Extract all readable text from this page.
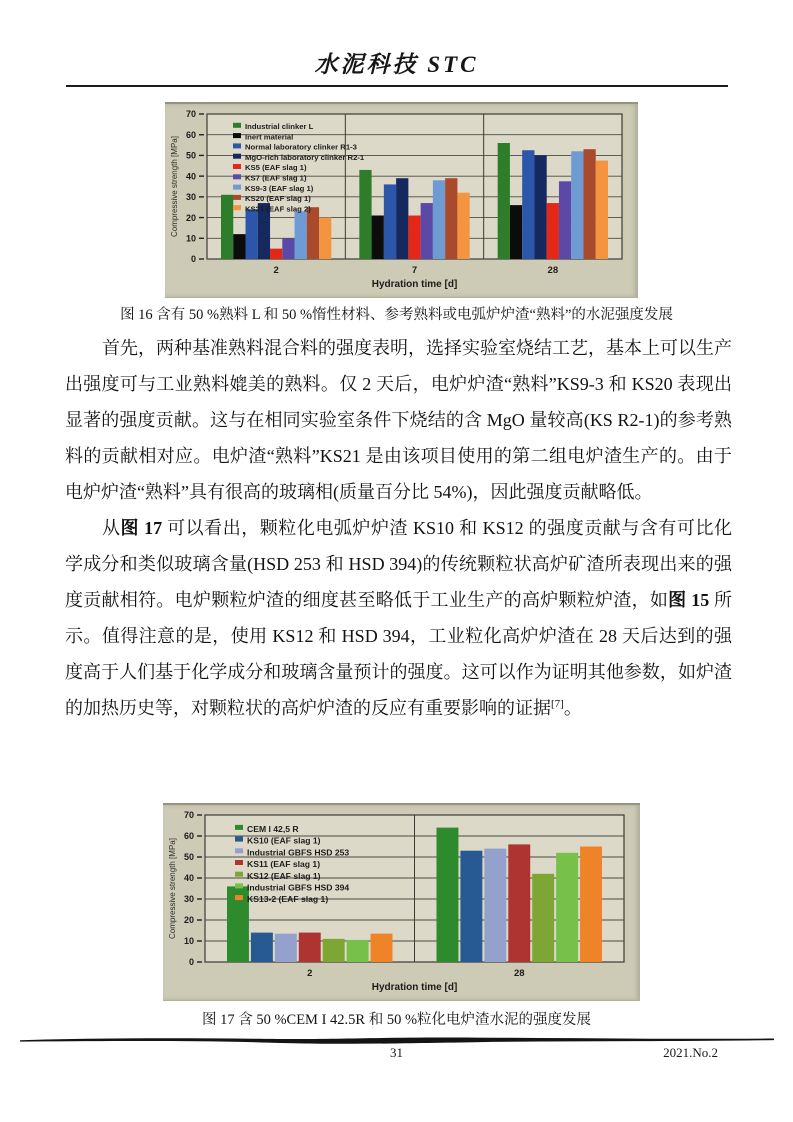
水泥科技 STC
0
10
20
30
40
50
60
70
2	7	28
Hydration time [d]
Compressive strength [MPa]
Industrial clinker L
Inert material
Normal laboratory clinker R1-3
MgO-rich laboratory clinker R2-1
KS5 (EAF slag 1)
KS7 (EAF slag 1)
KS9-3 (EAF slag 1)
KS20 (EAF slag 1)
KS21 (EAF slag 2)
图 16 含有 50 %熟料 L 和 50 %惰性材料、参考熟料或电弧炉炉渣“熟料”的水泥强度发展

首先，两种基准熟料混合料的强度表明，选择实验室烧结工艺，基本上可以生产出强度可与工业熟料媲美的熟料。仅 2 天后，电炉炉渣“熟料”KS9-3 和 KS20 表现出显著的强度贡献。这与在相同实验室条件下烧结的含 MgO 量较高(KS R2-1)的参考熟料的贡献相对应。电炉渣“熟料”KS21 是由该项目使用的第二组电炉渣生产的。由于电炉炉渣“熟料”具有很高的玻璃相(质量百分比 54%)，因此强度贡献略低。

从图 17 可以看出，颗粒化电弧炉炉渣 KS10 和 KS12 的强度贡献与含有可比化学成分和类似玻璃含量(HSD 253 和 HSD 394)的传统颗粒状高炉矿渣所表现出来的强度贡献相符。电炉颗粒炉渣的细度甚至略低于工业生产的高炉颗粒炉渣，如图 15 所示。值得注意的是，使用 KS12 和 HSD 394，工业粒化高炉炉渣在 28 天后达到的强度高于人们基于化学成分和玻璃含量预计的强度。这可以作为证明其他参数，如炉渣的加热历史等，对颗粒状的高炉炉渣的反应有重要影响的证据[7]。

0
10
20
30
40
50
60
70
2	28
Hydration time [d]
Compressive strength [MPa]
CEM I 42,5 R
KS10 (EAF slag 1)
Industrial GBFS HSD 253
KS11 (EAF slag 1)
KS12 (EAF slag 1)
Industrial GBFS HSD 394
KS13-2 (EAF slag 1)
图 17 含 50 %CEM I 42.5R 和 50 %粒化电炉渣水泥的强度发展
31	2021.No.2
